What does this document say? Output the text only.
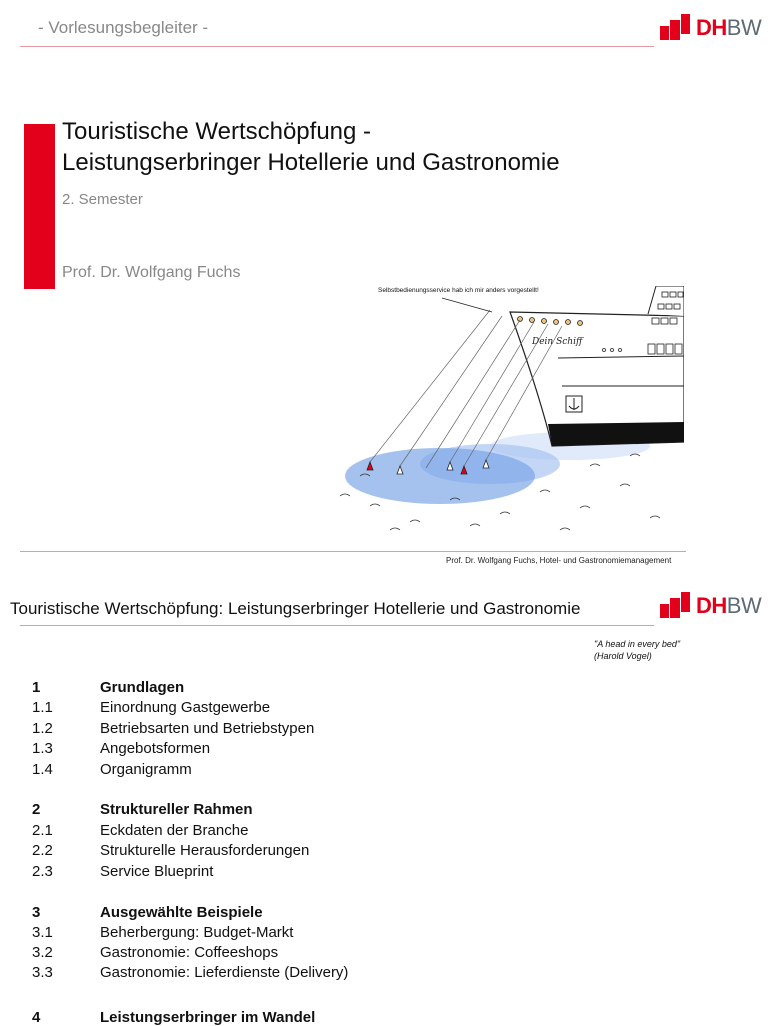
- Vorlesungsbegleiter -	DHBW
Touristische Wertschöpfung -
Leistungserbringer Hotellerie und Gastronomie
2. Semester
Prof. Dr. Wolfgang Fuchs
Selbstbedienungsservice hab ich mir anders vorgestellt!
Dein Schiff
Prof. Dr. Wolfgang Fuchs, Hotel- und Gastronomiemanagement
Touristische Wertschöpfung: Leistungserbringer Hotellerie und Gastronomie	DHBW
"A head in every bed"
(Harold Vogel)
1	Grundlagen
1.1	Einordnung Gastgewerbe
1.2	Betriebsarten und Betriebstypen
1.3	Angebotsformen
1.4	Organigramm
2	Struktureller Rahmen
2.1	Eckdaten der Branche
2.2	Strukturelle Herausforderungen
2.3	Service Blueprint
3	Ausgewählte Beispiele
3.1	Beherbergung: Budget-Markt
3.2	Gastronomie: Coffeeshops
3.3	Gastronomie: Lieferdienste (Delivery)
4	Leistungserbringer im Wandel
